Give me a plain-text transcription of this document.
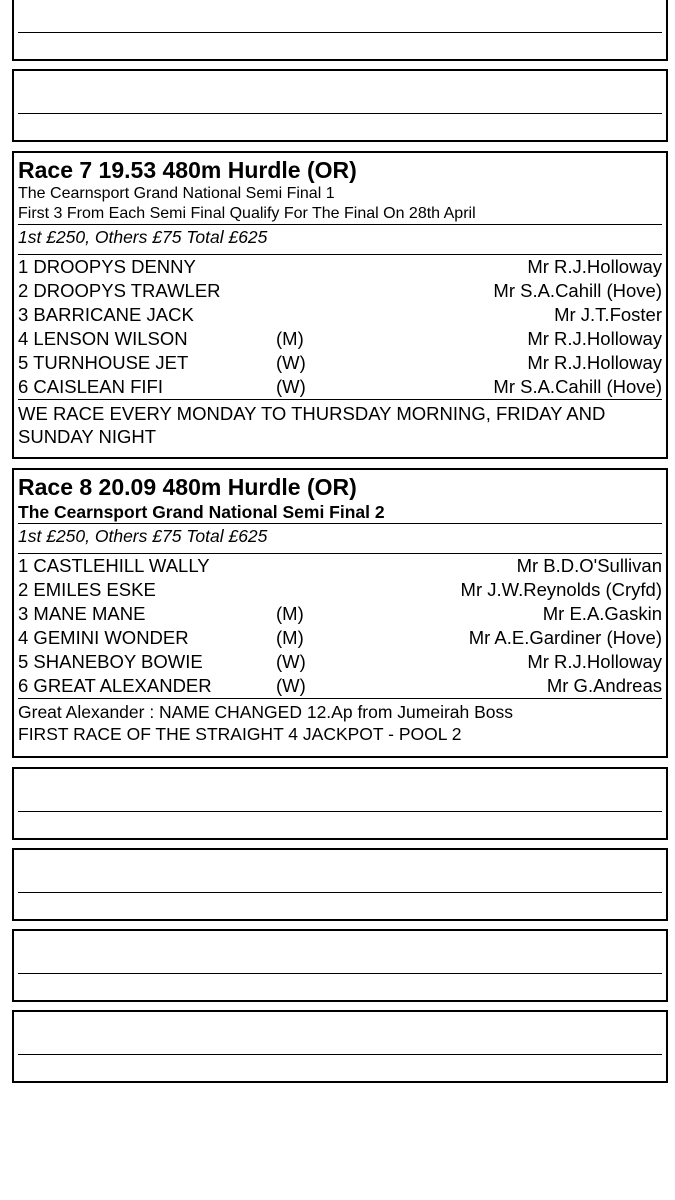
Race 7 19.53 480m Hurdle (OR)
The Cearnsport Grand National Semi Final 1
First 3 From Each Semi Final Qualify For The Final On 28th April
1st £250, Others £75 Total £625
1 DROOPYS DENNY	Mr R.J.Holloway
2 DROOPYS TRAWLER	Mr S.A.Cahill (Hove)
3 BARRICANE JACK	Mr J.T.Foster
4 LENSON WILSON	(M)	Mr R.J.Holloway
5 TURNHOUSE JET	(W)	Mr R.J.Holloway
6 CAISLEAN FIFI	(W)	Mr S.A.Cahill (Hove)
WE RACE EVERY MONDAY TO THURSDAY MORNING, FRIDAY AND SUNDAY NIGHT
Race 8 20.09 480m Hurdle (OR)
The Cearnsport Grand National Semi Final 2
1st £250, Others £75 Total £625
1 CASTLEHILL WALLY	Mr B.D.O'Sullivan
2 EMILES ESKE	Mr J.W.Reynolds (Cryfd)
3 MANE MANE	(M)	Mr E.A.Gaskin
4 GEMINI WONDER	(M)	Mr A.E.Gardiner (Hove)
5 SHANEBOY BOWIE	(W)	Mr R.J.Holloway
6 GREAT ALEXANDER	(W)	Mr G.Andreas
Great Alexander : NAME CHANGED 12.Ap from Jumeirah Boss
FIRST RACE OF THE STRAIGHT 4 JACKPOT - POOL 2
